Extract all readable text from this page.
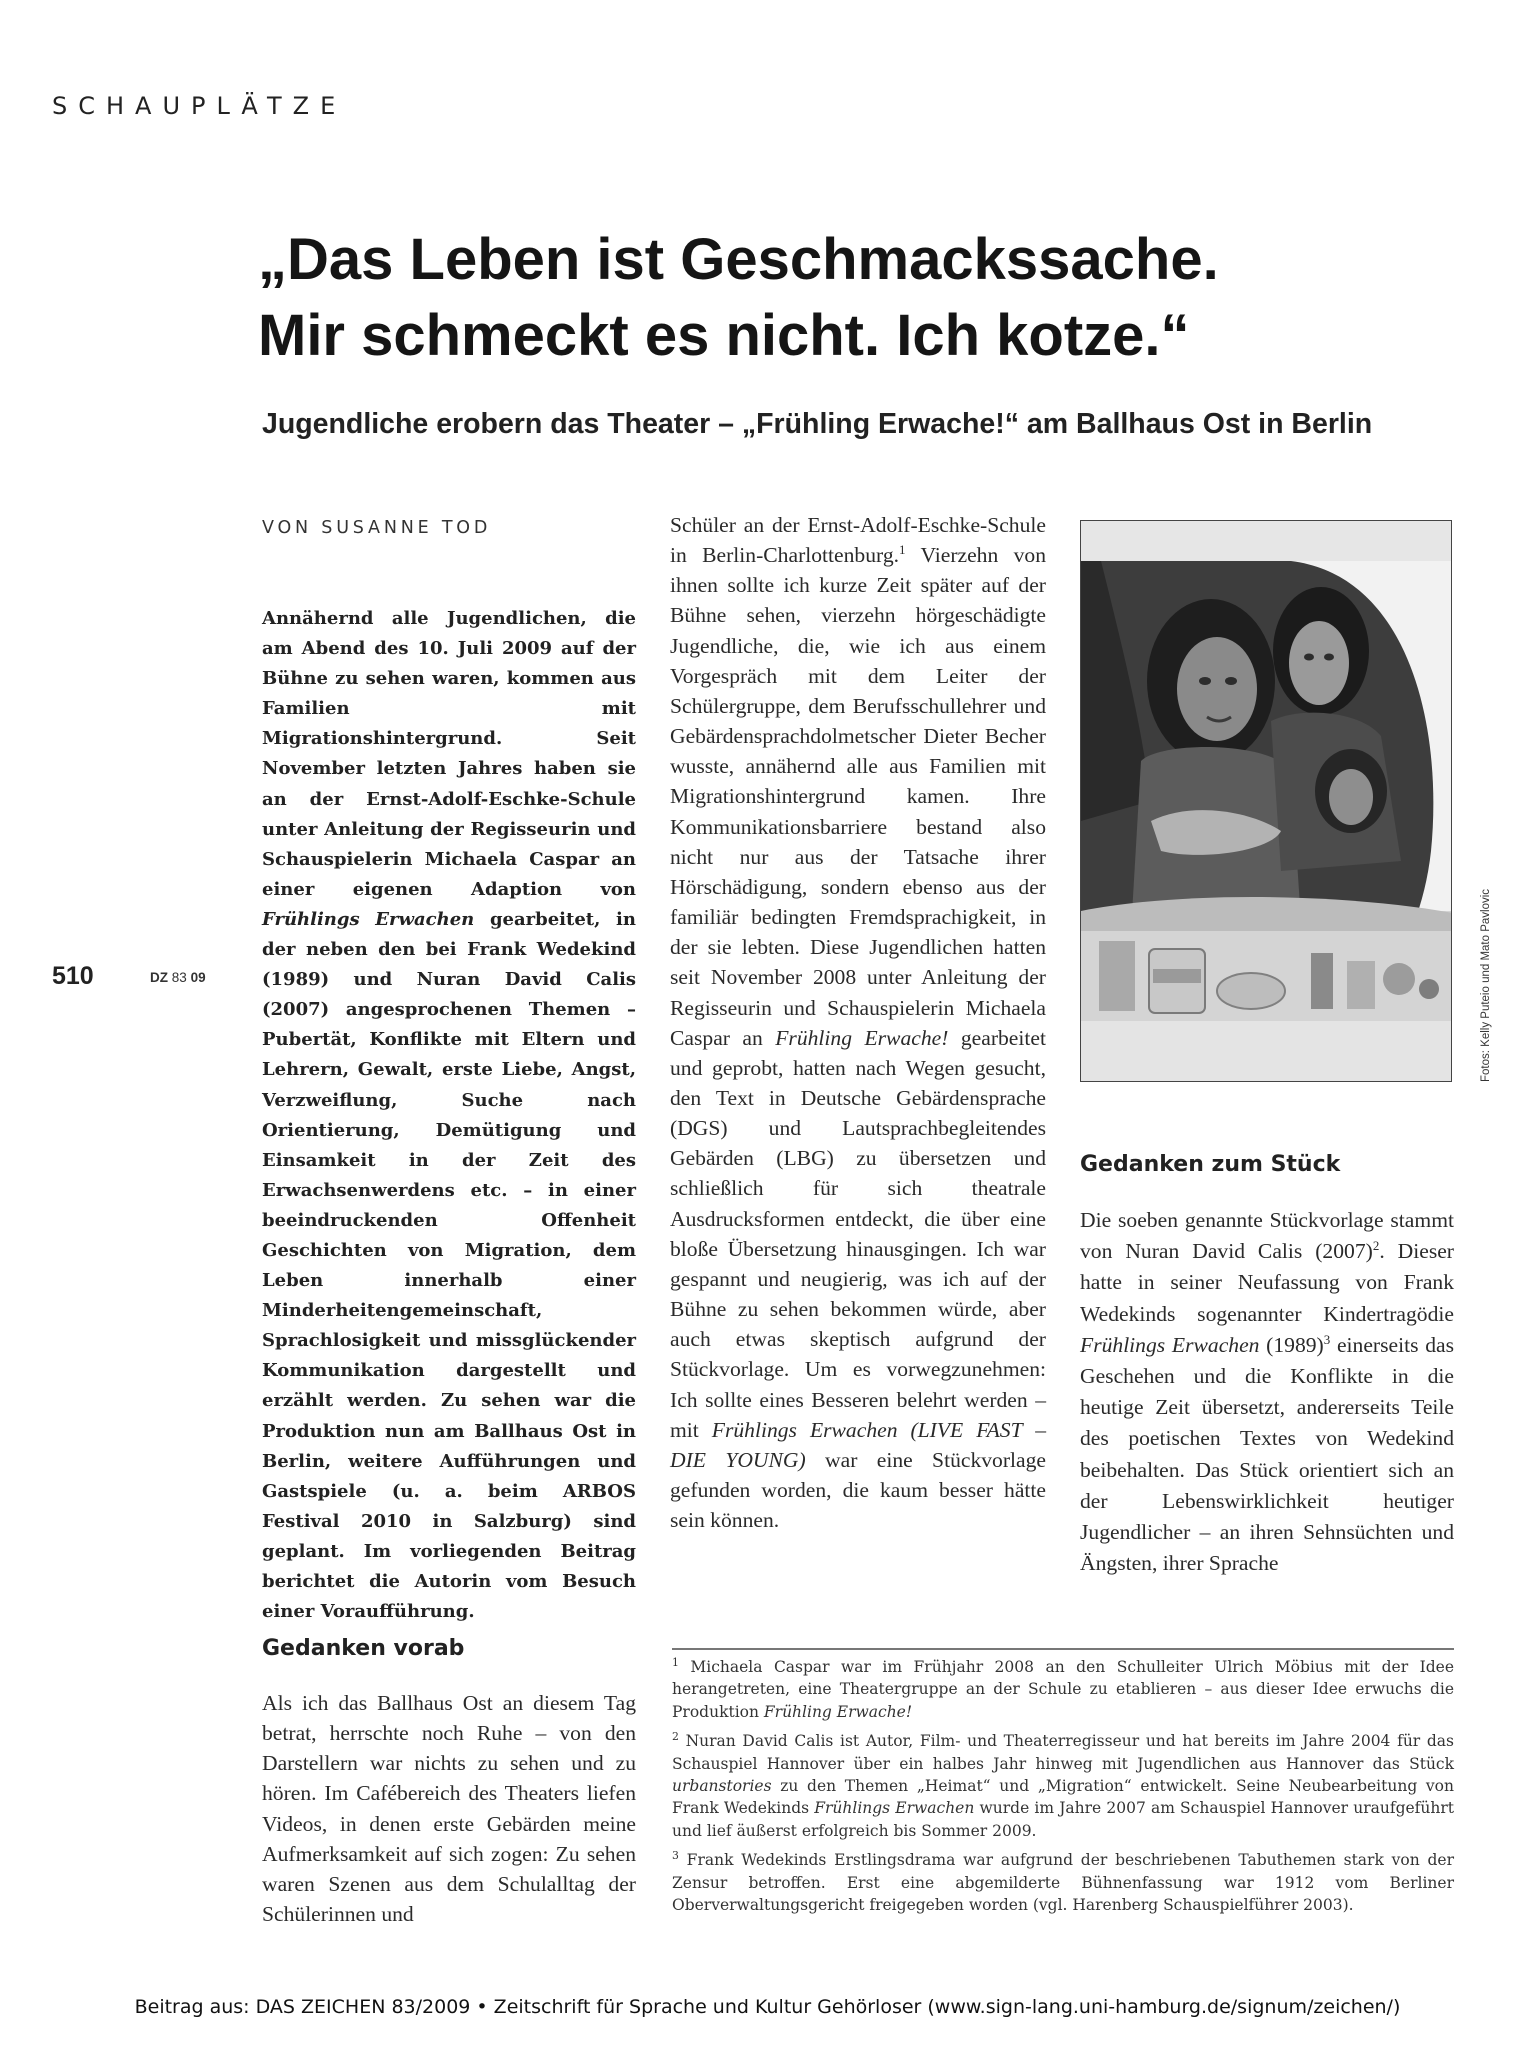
SCHAUPLÄTZE
„Das Leben ist Geschmackssache.
Mir schmeckt es nicht. Ich kotze.“
Jugendliche erobern das Theater – „Frühling Erwache!“ am Ballhaus Ost in Berlin
VON SUSANNE TOD
510	DZ 83 09

Annähernd alle Jugendlichen, die am Abend des 10. Juli 2009 auf der Bühne zu sehen waren, kommen aus Familien mit Migrationshintergrund. Seit November letzten Jahres haben sie an der Ernst-Adolf-Eschke-Schule unter Anleitung der Regisseurin und Schauspielerin Michaela Caspar an einer eigenen Adaption von Frühlings Erwachen gearbeitet, in der neben den bei Frank Wedekind (1989) und Nuran David Calis (2007) angesprochenen Themen – Pubertät, Konflikte mit Eltern und Lehrern, Gewalt, erste Liebe, Angst, Verzweiflung, Suche nach Orientierung, Demütigung und Einsamkeit in der Zeit des Erwachsenwerdens etc. – in einer beeindruckenden Offenheit Geschichten von Migration, dem Leben innerhalb einer Minderheitengemeinschaft, Sprachlosigkeit und missglückender Kommunikation dargestellt und erzählt werden. Zu sehen war die Produktion nun am Ballhaus Ost in Berlin, weitere Aufführungen und Gastspiele (u. a. beim ARBOS Festival 2010 in Salzburg) sind geplant. Im vorliegenden Beitrag berichtet die Autorin vom Besuch einer Voraufführung.

Gedanken vorab

Als ich das Ballhaus Ost an diesem Tag betrat, herrschte noch Ruhe – von den Darstellern war nichts zu sehen und zu hören. Im Cafébereich des Theaters liefen Videos, in denen erste Gebärden meine Aufmerksamkeit auf sich zogen: Zu sehen waren Szenen aus dem Schulalltag der Schülerinnen und

Schüler an der Ernst-Adolf-Eschke-Schule in Berlin-Charlottenburg.$^1$ Vierzehn von ihnen sollte ich kurze Zeit später auf der Bühne sehen, vierzehn hörgeschädigte Jugendliche, die, wie ich aus einem Vorgespräch mit dem Leiter der Schülergruppe, dem Berufsschullehrer und Gebärdensprachdolmetscher Dieter Becher wusste, annähernd alle aus Familien mit Migrationshintergrund kamen. Ihre Kommunikationsbarriere bestand also nicht nur aus der Tatsache ihrer Hörschädigung, sondern ebenso aus der familiär bedingten Fremdsprachigkeit, in der sie lebten. Diese Jugendlichen hatten seit November 2008 unter Anleitung der Regisseurin und Schauspielerin Michaela Caspar an Frühling Erwache! gearbeitet und geprobt, hatten nach Wegen gesucht, den Text in Deutsche Gebärdensprache (DGS) und Lautsprachbegleitendes Gebärden (LBG) zu übersetzen und schließlich für sich theatrale Ausdrucksformen entdeckt, die über eine bloße Übersetzung hinausgingen. Ich war gespannt und neugierig, was ich auf der Bühne zu sehen bekommen würde, aber auch etwas skeptisch aufgrund der Stückvorlage. Um es vorwegzunehmen: Ich sollte eines Besseren belehrt werden – mit Frühlings Erwachen (LIVE FAST – DIE YOUNG) war eine Stückvorlage gefunden worden, die kaum besser hätte sein können.

Fotos: Kelly Puteio und Mato Pavlovic
Gedanken zum Stück

Die soeben genannte Stückvorlage stammt von Nuran David Calis $(2007)^2$. Dieser hatte in seiner Neufassung von Frank Wedekinds sogenannter Kindertragödie Frühlings Erwachen $(1989)^3$ einerseits das Geschehen und die Konflikte in die heutige Zeit übersetzt, andererseits Teile des poetischen Textes von Wedekind beibehalten. Das Stück orientiert sich an der Lebenswirklichkeit heutiger Jugendlicher – an ihren Sehnsüchten und Ängsten, ihrer Sprache

$^1$ Michaela Caspar war im Frühjahr 2008 an den Schulleiter Ulrich Möbius mit der Idee herangetreten, eine Theatergruppe an der Schule zu etablieren – aus dieser Idee erwuchs die Produktion Frühling Erwache!

$^2$ Nuran David Calis ist Autor, Film- und Theaterregisseur und hat bereits im Jahre 2004 für das Schauspiel Hannover über ein halbes Jahr hinweg mit Jugendlichen aus Hannover das Stück urbanstories zu den Themen „Heimat“ und „Migration“ entwickelt. Seine Neubearbeitung von Frank Wedekinds Frühlings Erwachen wurde im Jahre 2007 am Schauspiel Hannover uraufgeführt und lief äußerst erfolgreich bis Sommer 2009.

$^3$ Frank Wedekinds Erstlingsdrama war aufgrund der beschriebenen Tabuthemen stark von der Zensur betroffen. Erst eine abgemilderte Bühnenfassung war 1912 vom Berliner Oberverwaltungsgericht freigegeben worden (vgl. Harenberg Schauspielführer 2003).

Beitrag aus: DAS ZEICHEN 83/2009 • Zeitschrift für Sprache und Kultur Gehörloser (www.sign-lang.uni-hamburg.de/signum/zeichen/)
